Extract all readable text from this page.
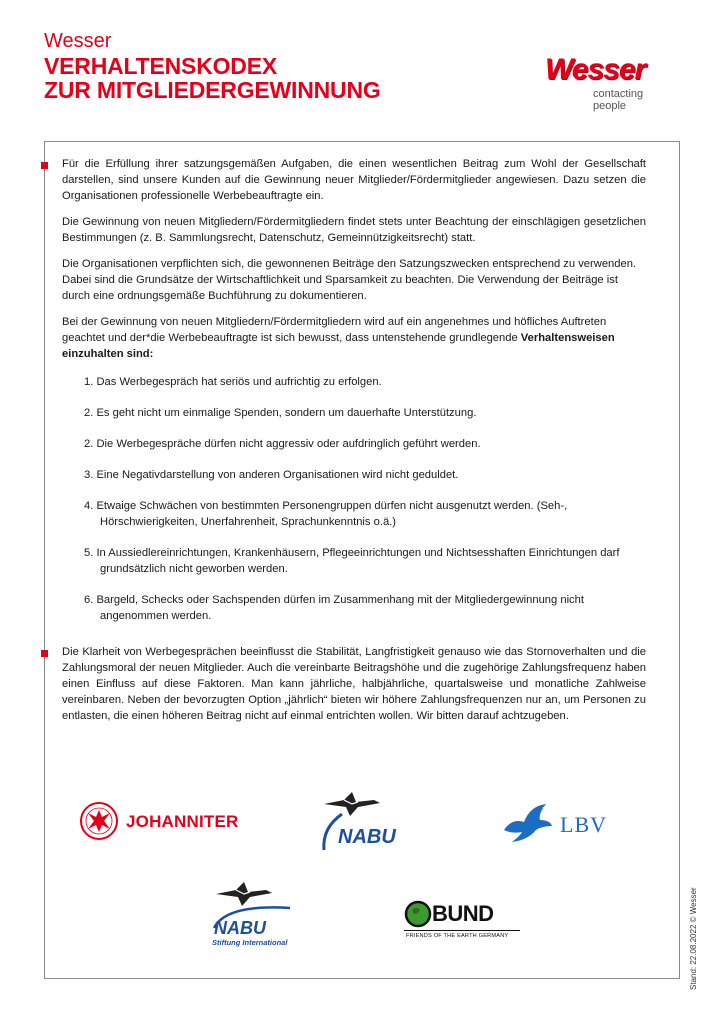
Wesser
VERHALTENSKODEX
ZUR MITGLIEDERGEWINNUNG
Wesser
contacting people

Für die Erfüllung ihrer satzungsgemäßen Aufgaben, die einen wesentlichen Beitrag zum Wohl der Gesellschaft darstellen, sind unsere Kunden auf die Gewinnung neuer Mitglieder/Fördermitglieder angewiesen. Dazu setzen die Organisationen professionelle Werbebeauftragte ein.

Die Gewinnung von neuen Mitgliedern/Fördermitgliedern findet stets unter Beachtung der einschlägigen gesetzlichen Bestimmungen (z. B. Sammlungsrecht, Datenschutz, Gemeinnützigkeitsrecht) statt.

Die Organisationen verpflichten sich, die gewonnenen Beiträge den Satzungszwecken entsprechend zu verwenden. Dabei sind die Grundsätze der Wirtschaftlichkeit und Sparsamkeit zu beachten. Die Verwendung der Beiträge ist durch eine ordnungsgemäße Buchführung zu dokumentieren.

Bei der Gewinnung von neuen Mitgliedern/Fördermitgliedern wird auf ein angenehmes und höfliches Auftreten geachtet und der*die Werbebeauftragte ist sich bewusst, dass untenstehende grundlegende Verhaltensweisen einzuhalten sind:

1. Das Werbegespräch hat seriös und aufrichtig zu erfolgen.
2. Es geht nicht um einmalige Spenden, sondern um dauerhafte Unterstützung.
2. Die Werbegespräche dürfen nicht aggressiv oder aufdringlich geführt werden.
3. Eine Negativdarstellung von anderen Organisationen wird nicht geduldet.
4. Etwaige Schwächen von bestimmten Personengruppen dürfen nicht ausgenutzt werden. (Seh-, Hörschwierigkeiten, Unerfahrenheit, Sprachunkenntnis o.ä.)
5. In Aussiedlereinrichtungen, Krankenhäusern, Pflegeeinrichtungen und Nichtsesshaften Einrichtungen darf grundsätzlich nicht geworben werden.
6. Bargeld, Schecks oder Sachspenden dürfen im Zusammenhang mit der Mitgliedergewinnung nicht angenommen werden.

Die Klarheit von Werbegesprächen beeinflusst die Stabilität, Langfristigkeit genauso wie das Stornoverhalten und die Zahlungsmoral der neuen Mitglieder. Auch die vereinbarte Beitragshöhe und die zugehörige Zahlungsfrequenz haben einen Einfluss auf diese Faktoren. Man kann jährliche, halbjährliche, quartalsweise und monatliche Zahlweise vereinbaren. Neben der bevorzugten Option „jährlich“ bieten wir höhere Zahlungsfrequenzen nur an, um Personen zu entlasten, die einen höheren Beitrag nicht auf einmal entrichten wollen. Wir bitten darauf achtzugeben.

JOHANNITER
NABU	LBV
NABU
Stiftung International
BUND
FRIENDS OF THE EARTH GERMANY	Stand: 22.08.2022 © Wesser
